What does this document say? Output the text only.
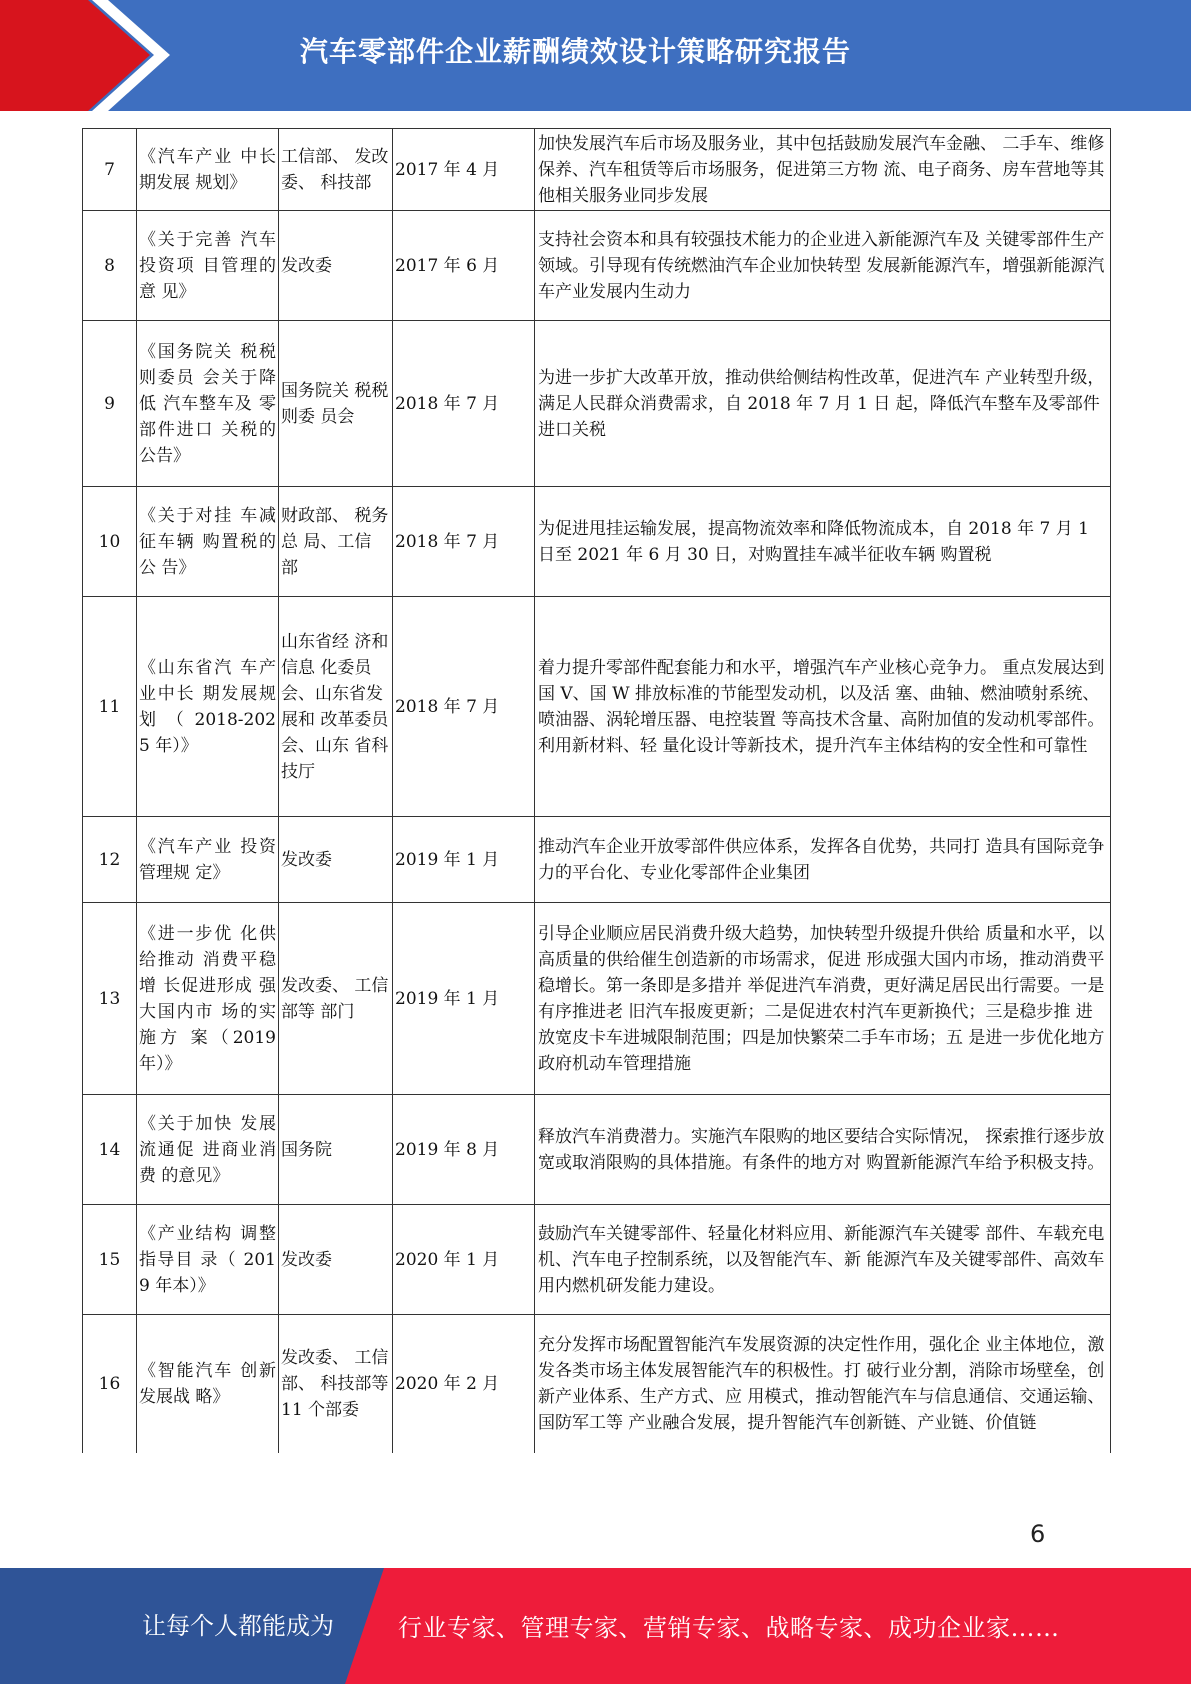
汽车零部件企业薪酬绩效设计策略研究报告
7	《汽车产业 中长期发展 规划》	工信部、 发改委、 科技部	2017 年 4 月	加快发展汽车后市场及服务业，其中包括鼓励发展汽车金融、 二手车、维修保养、汽车租赁等后市场服务，促进第三方物 流、电子商务、房车营地等其他相关服务业同步发展
8	《关于完善 汽车投资项 目管理的意 见》	发改委	2017 年 6 月	支持社会资本和具有较强技术能力的企业进入新能源汽车及 关键零部件生产领域。引导现有传统燃油汽车企业加快转型 发展新能源汽车，增强新能源汽车产业发展内生动力
9	《国务院关 税税则委员 会关于降低 汽车整车及 零部件进口 关税的公告》	国务院关 税税则委 员会	2018 年 7 月	为进一步扩大改革开放，推动供给侧结构性改革，促进汽车 产业转型升级，满足人民群众消费需求，自 2018 年 7 月 1 日 起，降低汽车整车及零部件进口关税
10	《关于对挂 车减征车辆 购置税的公 告》	财政部、 税务总 局、工信 部	2018 年 7 月	为促进甩挂运输发展，提高物流效率和降低物流成本，自 2018 年 7 月 1 日至 2021 年 6 月 30 日，对购置挂车减半征收车辆 购置税
11	《山东省汽 车产业中长 期发展规划 （ 2018-2025 年）》	山东省经 济和信息 化委员 会、山东省发展和 改革委员 会、山东 省科技厅	2018 年 7 月	着力提升零部件配套能力和水平，增强汽车产业核心竞争力。 重点发展达到国 V、国 W 排放标准的节能型发动机，以及活 塞、曲轴、燃油喷射系统、喷油器、涡轮增压器、电控装置 等高技术含量、高附加值的发动机零部件。利用新材料、轻 量化设计等新技术，提升汽车主体结构的安全性和可靠性
12	《汽车产业 投资管理规 定》	发改委	2019 年 1 月	推动汽车企业开放零部件供应体系，发挥各自优势，共同打 造具有国际竞争力的平台化、专业化零部件企业集团
13	《进一步优 化供给推动 消费平稳增 长促进形成 强大国内市 场的实施方 案（2019 年）》	发改委、 工信部等 部门	2019 年 1 月	引导企业顺应居民消费升级大趋势，加快转型升级提升供给 质量和水平，以高质量的供给催生创造新的市场需求，促进 形成强大国内市场，推动消费平稳增长。第一条即是多措并 举促进汽车消费，更好满足居民出行需要。一是有序推进老 旧汽车报废更新；二是促进农村汽车更新换代；三是稳步推 进放宽皮卡车进城限制范围；四是加快繁荣二手车市场；五 是进一步优化地方政府机动车管理措施
14	《关于加快 发展流通促 进商业消费 的意见》	国务院	2019 年 8 月	释放汽车消费潜力。实施汽车限购的地区要结合实际情况， 探索推行逐步放宽或取消限购的具体措施。有条件的地方对 购置新能源汽车给予积极支持。
15	《产业结构 调整指导目 录（ 2019 年本）》	发改委	2020 年 1 月	鼓励汽车关键零部件、轻量化材料应用、新能源汽车关键零 部件、车载充电机、汽车电子控制系统，以及智能汽车、新 能源汽车及关键零部件、高效车用内燃机研发能力建设。
16	《智能汽车 创新发展战 略》	发改委、 工信部、 科技部等 11 个部委	2020 年 2 月	充分发挥市场配置智能汽车发展资源的决定性作用，强化企 业主体地位，激发各类市场主体发展智能汽车的积极性。打 破行业分割，消除市场壁垒，创新产业体系、生产方式、应 用模式，推动智能汽车与信息通信、交通运输、国防军工等 产业融合发展，提升智能汽车创新链、产业链、价值链
6
让每个人都能成为	行业专家、管理专家、营销专家、战略专家、成功企业家……
